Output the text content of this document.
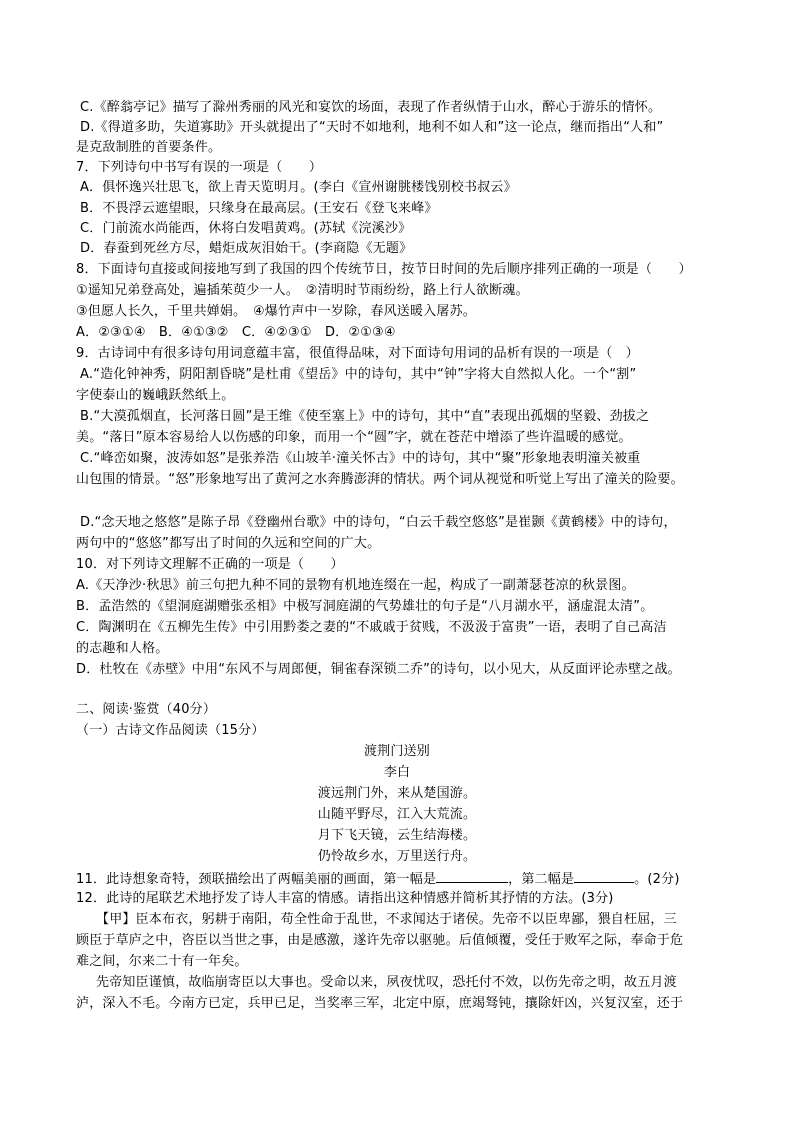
C.《醉翁亭记》描写了滁州秀丽的风光和宴饮的场面，表现了作者纵情于山水，醉心于游乐的情怀。
D.《得道多助，失道寡助》开头就提出了“天时不如地利，地利不如人和”这一论点，继而指出“人和”
是克敌制胜的首要条件。
7．下列诗句中书写有误的一项是（　　）
A．俱怀逸兴壮思飞，欲上青天览明月。(李白《宣州谢朓楼饯别校书叔云》
B．不畏浮云遮望眼，只缘身在最高层。(王安石《登飞来峰》
C．门前流水尚能西，休将白发唱黄鸡。(苏轼《浣溪沙》
D．春蚕到死丝方尽，蜡炬成灰泪始干。(李商隐《无题》
8．下面诗句直接或间接地写到了我国的四个传统节日，按节日时间的先后顺序排列正确的一项是（　　）
①遥知兄弟登高处，遍插茱萸少一人。　②清明时节雨纷纷，路上行人欲断魂。
③但愿人长久，千里共婵娟。　④爆竹声中一岁除，春风送暖入屠苏。
A．②③①④　B．④①③②　C．④②③①　D．②①③④
9．古诗词中有很多诗句用词意蕴丰富，很值得品味，对下面诗句用词的品析有误的一项是（　）
A.“造化钟神秀，阴阳割昏晓”是杜甫《望岳》中的诗句，其中“钟”字将大自然拟人化。一个“割”
字使泰山的巍峨跃然纸上。
B.“大漠孤烟直，长河落日圆”是王维《使至塞上》中的诗句，其中“直”表现出孤烟的坚毅、劲拔之
美。“落日”原本容易给人以伤感的印象，而用一个“圆”字，就在苍茫中增添了些许温暖的感觉。
C.“峰峦如聚，波涛如怒”是张养浩《山坡羊·潼关怀古》中的诗句，其中“聚”形象地表明潼关被重
山包围的情景。“怒”形象地写出了黄河之水奔腾澎湃的情状。两个词从视觉和听觉上写出了潼关的险要。
D.“念天地之悠悠”是陈子昂《登幽州台歌》中的诗句，“白云千载空悠悠”是崔颢《黄鹤楼》中的诗句，
两句中的“悠悠”都写出了时间的久远和空间的广大。
10．对下列诗文理解不正确的一项是（　　）
A.《天净沙·秋思》前三句把九种不同的景物有机地连缀在一起，构成了一副萧瑟苍凉的秋景图。
B．孟浩然的《望洞庭湖赠张丞相》中极写洞庭湖的气势雄壮的句子是“八月湖水平，涵虚混太清”。
C．陶渊明在《五柳先生传》中引用黔娄之妻的“不戚戚于贫贱，不汲汲于富贵”一语，表明了自己高洁
的志趣和人格。
D．杜牧在《赤壁》中用“东风不与周郎便，铜雀春深锁二乔”的诗句，以小见大，从反面评论赤壁之战。
二、阅读·鉴赏（40分）
（一）古诗文作品阅读（15分）
渡荆门送别
李白
渡远荆门外，来从楚国游。
山随平野尽，江入大荒流。
月下飞天镜，云生结海楼。
仍怜故乡水，万里送行舟。
11．此诗想象奇特，颈联描绘出了两幅美丽的画面，第一幅是	，第二幅是	。(2分)
12．此诗的尾联艺术地抒发了诗人丰富的情感。请指出这种情感并简析其抒情的方法。(3分)
【甲】臣本布衣，躬耕于南阳，苟全性命于乱世，不求闻达于诸侯。先帝不以臣卑鄙，猥自枉屈，三
顾臣于草庐之中，咨臣以当世之事，由是感激，遂许先帝以驱驰。后值倾覆，受任于败军之际，奉命于危
难之间，尔来二十有一年矣。
先帝知臣谨慎，故临崩寄臣以大事也。受命以来，夙夜忧叹，恐托付不效，以伤先帝之明，故五月渡
泸，深入不毛。今南方已定，兵甲已足，当奖率三军，北定中原，庶竭驽钝，攘除奸凶，兴复汉室，还于
